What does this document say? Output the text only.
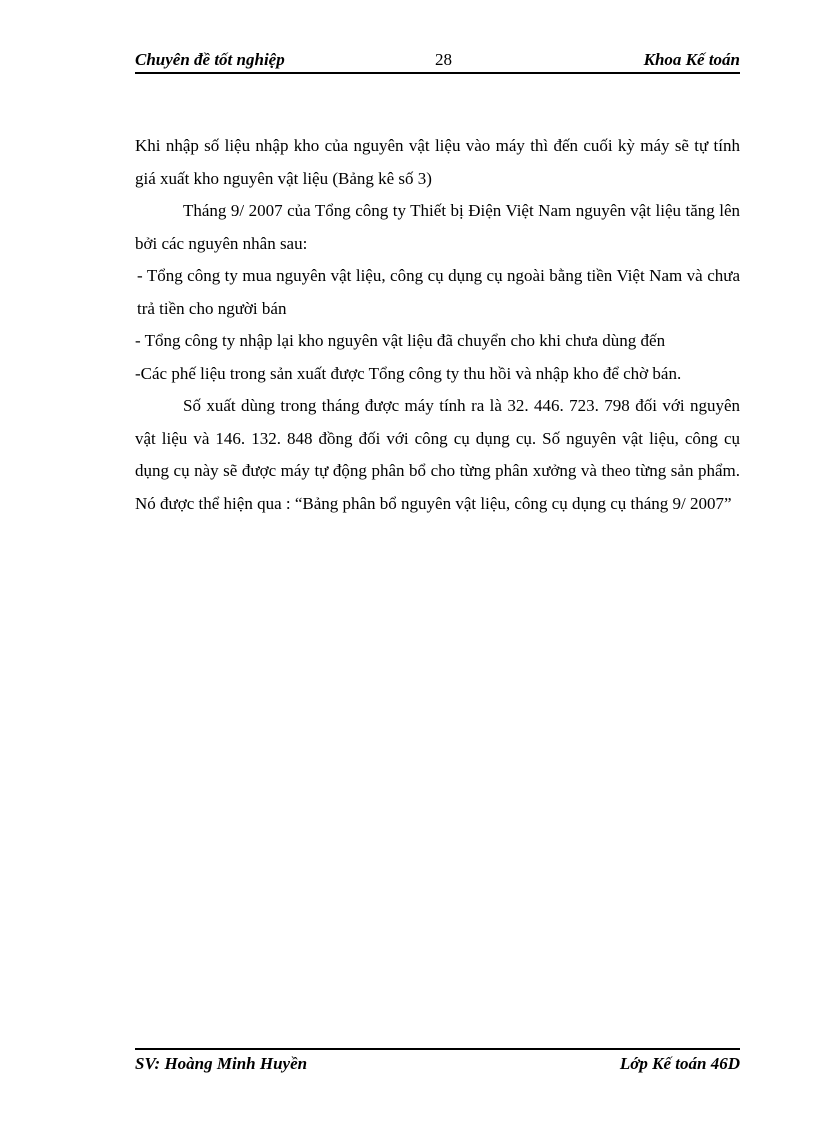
Chuyên đề tốt nghiệp	28	Khoa Kế toán

Khi nhập số liệu nhập kho của nguyên vật liệu vào máy thì đến cuối kỳ máy sẽ tự tính giá xuất kho nguyên vật liệu (Bảng kê số 3)

Tháng 9/ 2007 của Tổng công ty Thiết bị Điện Việt Nam nguyên vật liệu tăng lên bởi các nguyên nhân sau:

- Tổng công ty mua nguyên vật liệu, công cụ dụng cụ ngoài bằng tiền Việt Nam và chưa trả tiền cho người bán

- Tổng công ty nhập lại kho nguyên vật liệu đã chuyển cho khi chưa dùng đến

-Các phế liệu trong sản xuất được Tổng công ty thu hồi và nhập kho để chờ bán.

Số xuất dùng trong tháng được máy tính ra là 32. 446. 723. 798 đối với nguyên vật liệu và 146. 132. 848 đồng đối với công cụ dụng cụ. Số nguyên vật liệu, công cụ dụng cụ này sẽ được máy tự động phân bổ cho từng phân xưởng và theo từng sản phẩm. Nó được thể hiện qua : “Bảng phân bổ nguyên vật liệu, công cụ dụng cụ tháng 9/ 2007”

SV: Hoàng Minh Huyền	Lớp Kế toán 46D
